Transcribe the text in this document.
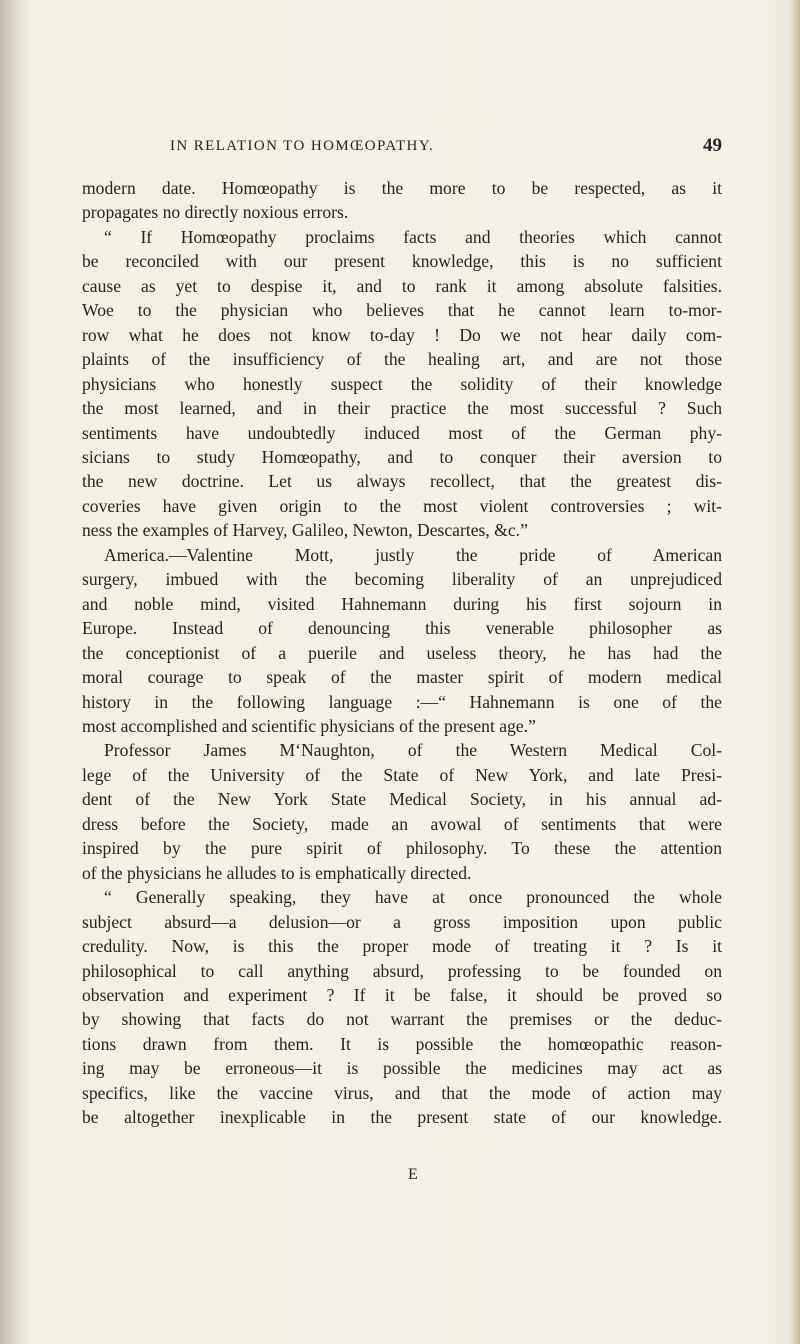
IN RELATION TO HOMŒOPATHY.	49
modern date. Homœopathy is the more to be respected, as it
propagates no directly noxious errors.
“ If Homœopathy proclaims facts and theories which cannot
be reconciled with our present knowledge, this is no sufficient
cause as yet to despise it, and to rank it among absolute falsities.
Woe to the physician who believes that he cannot learn to-mor-
row what he does not know to-day ! Do we not hear daily com-
plaints of the insufficiency of the healing art, and are not those
physicians who honestly suspect the solidity of their knowledge
the most learned, and in their practice the most successful ? Such
sentiments have undoubtedly induced most of the German phy-
sicians to study Homœopathy, and to conquer their aversion to
the new doctrine. Let us always recollect, that the greatest dis-
coveries have given origin to the most violent controversies ; wit-
ness the examples of Harvey, Galileo, Newton, Descartes, &c.”
America.—Valentine Mott, justly the pride of American
surgery, imbued with the becoming liberality of an unprejudiced
and noble mind, visited Hahnemann during his first sojourn in
Europe. Instead of denouncing this venerable philosopher as
the conceptionist of a puerile and useless theory, he has had the
moral courage to speak of the master spirit of modern medical
history in the following language :—“ Hahnemann is one of the
most accomplished and scientific physicians of the present age.”
Professor James M‘Naughton, of the Western Medical Col-
lege of the University of the State of New York, and late Presi-
dent of the New York State Medical Society, in his annual ad-
dress before the Society, made an avowal of sentiments that were
inspired by the pure spirit of philosophy. To these the attention
of the physicians he alludes to is emphatically directed.
“ Generally speaking, they have at once pronounced the whole
subject absurd—a delusion—or a gross imposition upon public
credulity. Now, is this the proper mode of treating it ? Is it
philosophical to call anything absurd, professing to be founded on
observation and experiment ? If it be false, it should be proved so
by showing that facts do not warrant the premises or the deduc-
tions drawn from them. It is possible the homœopathic reason-
ing may be erroneous—it is possible the medicines may act as
specifics, like the vaccine virus, and that the mode of action may
be altogether inexplicable in the present state of our knowledge.
E
